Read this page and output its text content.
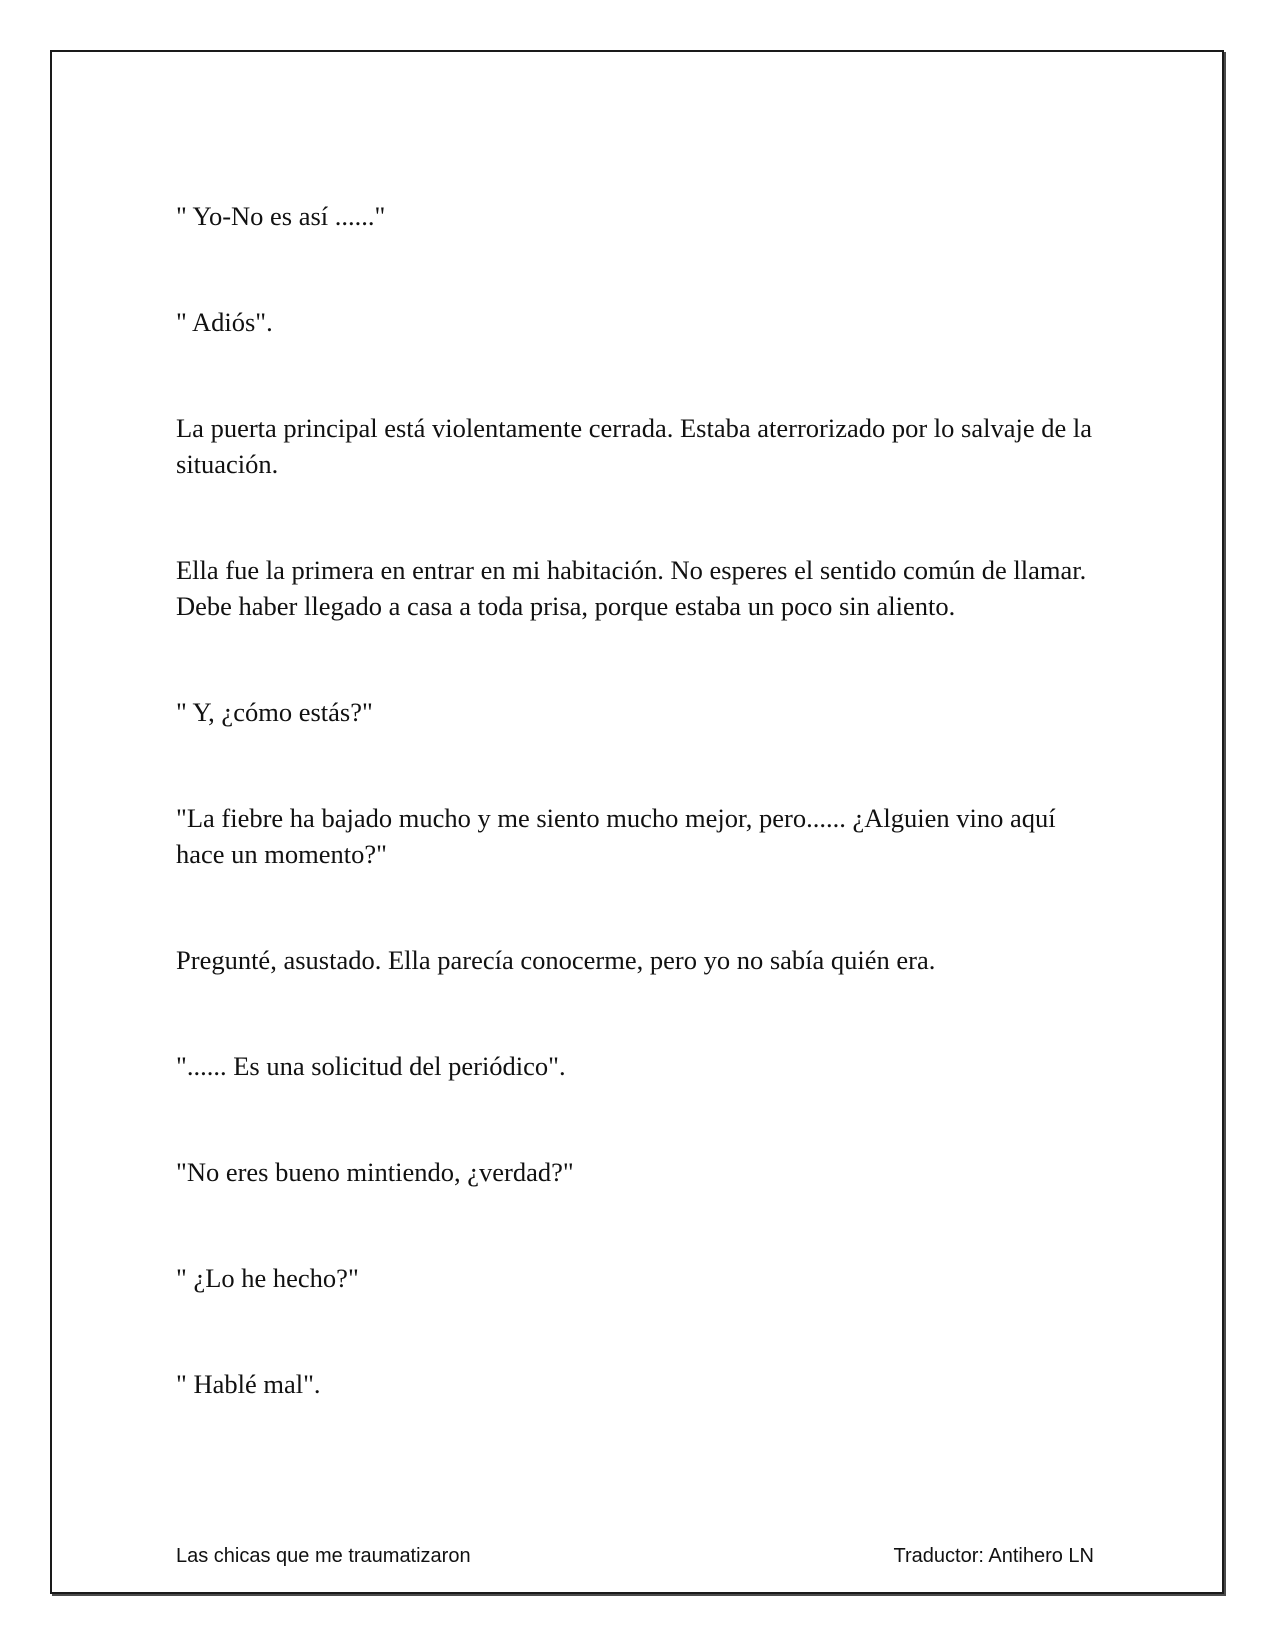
" Yo-No es así ......"

" Adiós".

La puerta principal está violentamente cerrada. Estaba aterrorizado por lo salvaje de la situación.

Ella fue la primera en entrar en mi habitación. No esperes el sentido común de llamar. Debe haber llegado a casa a toda prisa, porque estaba un poco sin aliento.

" Y, ¿cómo estás?"

"La fiebre ha bajado mucho y me siento mucho mejor, pero...... ¿Alguien vino aquí hace un momento?"

Pregunté, asustado. Ella parecía conocerme, pero yo no sabía quién era.

"...... Es una solicitud del periódico".

"No eres bueno mintiendo, ¿verdad?"

" ¿Lo he hecho?"

" Hablé mal".

Las chicas que me traumatizaron	Traductor: Antihero LN
